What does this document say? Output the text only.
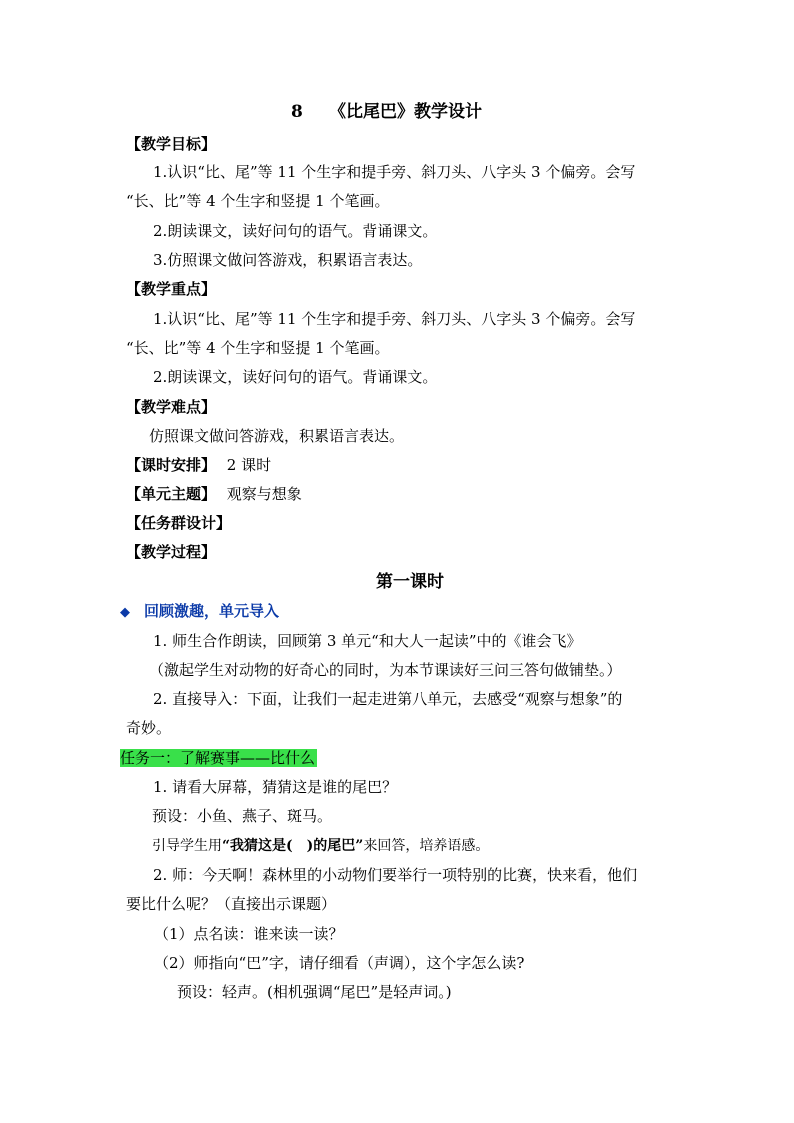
8 《比尾巴》教学设计
【教学目标】
1.认识“比、尾”等 11 个生字和提手旁、斜刀头、八字头 3 个偏旁。会写
“长、比”等 4 个生字和竖提 1 个笔画。
2.朗读课文，读好问句的语气。背诵课文。
3.仿照课文做问答游戏，积累语言表达。
【教学重点】
1.认识“比、尾”等 11 个生字和提手旁、斜刀头、八字头 3 个偏旁。会写
“长、比”等 4 个生字和竖提 1 个笔画。
2.朗读课文，读好问句的语气。背诵课文。
【教学难点】
仿照课文做问答游戏，积累语言表达。
【课时安排】 2 课时
【单元主题】 观察与想象
【任务群设计】
【教学过程】
第一课时
◆ 回顾激趣，单元导入
1. 师生合作朗读，回顾第 3 单元“和大人一起读”中的《谁会飞》
（激起学生对动物的好奇心的同时，为本节课读好三问三答句做铺垫。）
2. 直接导入：下面，让我们一起走进第八单元，去感受“观察与想象”的
奇妙。
任务一：了解赛事——比什么
1. 请看大屏幕，猜猜这是谁的尾巴？
预设：小鱼、燕子、斑马。
引导学生用“我猜这是(　)的尾巴”来回答，培养语感。
2. 师：今天啊！森林里的小动物们要举行一项特别的比赛，快来看，他们
要比什么呢？（直接出示课题）
（1）点名读：谁来读一读？
（2）师指向“巴”字，请仔细看（声调），这个字怎么读?
预设：轻声。(相机强调“尾巴”是轻声词。)
